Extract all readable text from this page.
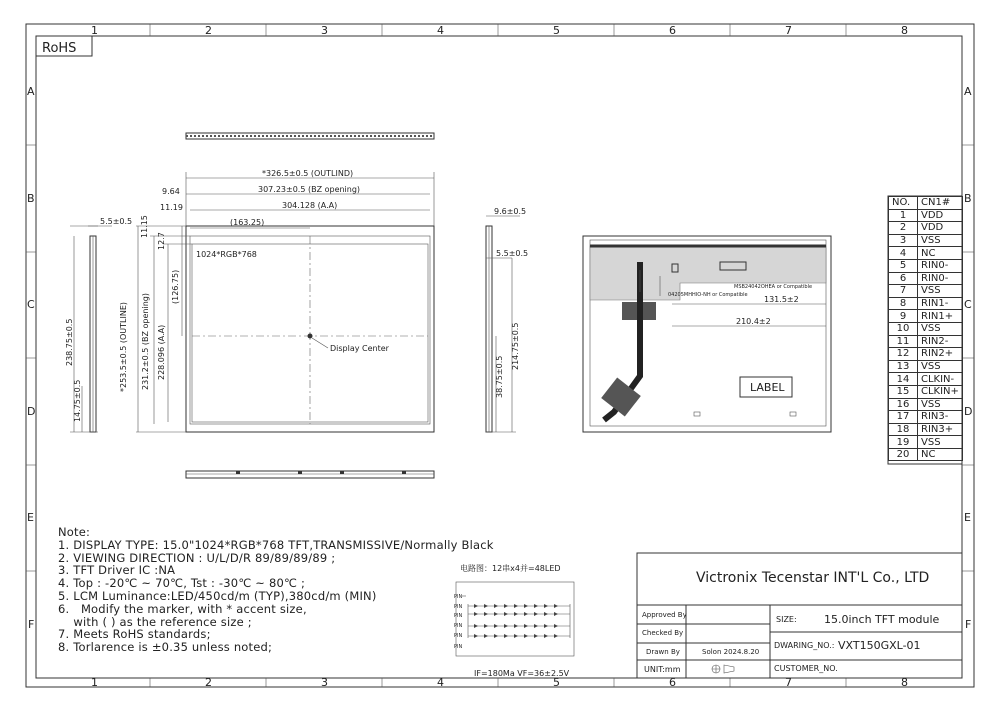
1	2	3	4	5	6	7	8
1	2	3	4	5	6	7	8
A
B
C
D
E
F
A
B
C
D
E
F
RoHS
*326.5±0.5 (OUTLIND)
307.23±0.5 (BZ opening)
304.128 (A.A)
(163.25)
9.64
11.19
1024*RGB*768
Display Center
11.15
12.7
*253.5±0.5 (OUTLINE) 231.2±0.5 (BZ opening) 228.096 (A.A)
(126.75)
5.5±0.5
238.75±0.5
14.75±0.5
9.6±0.5
5.5±0.5
38.75±0.5
214.75±0.5
131.5±2
210.4±2
LABEL
MSB24042OHEA or Compatible
04205MHHIO-NH or Compatible
电路图：12串x4并=48LED
PIN
PIN
PIN
PIN
PIN
PIN
IF=180Ma VF=36±2.5V
Note:
1. DISPLAY TYPE: 15.0"1024*RGB*768 TFT,TRANSMISSIVE/Normally Black
2. VIEWING DIRECTION : U/L/D/R 89/89/89/89 ;
3. TFT Driver IC :NA
4. Top : -20℃ ~ 70℃, Tst : -30℃ ~ 80℃ ;
5. LCM Luminance:LED/450cd/m (TYP),380cd/m (MIN)
6.   Modify the marker, with * accent size,
with ( ) as the reference size ;
7. Meets RoHS standards;
8. Torlarence is ±0.35 unless noted;
Victronix Tecenstar INT'L Co., LTD
Approved By
Checked By
Drawn By	Solon 2024.8.20
UNIT:mm
SIZE: 15.0inch TFT module
DWARING_NO.: VXT150GXL-01
CUSTOMER_NO.
NO.	CN1#
1	VDD
2	VDD
3	VSS
4	NC
5	RIN0-
6	RIN0-
7	VSS
8	RIN1-
9	RIN1+
10	VSS
11	RIN2-
12	RIN2+
13	VSS
14	CLKIN-
15	CLKIN+
16	VSS
17	RIN3-
18	RIN3+
19	VSS
20	NC
